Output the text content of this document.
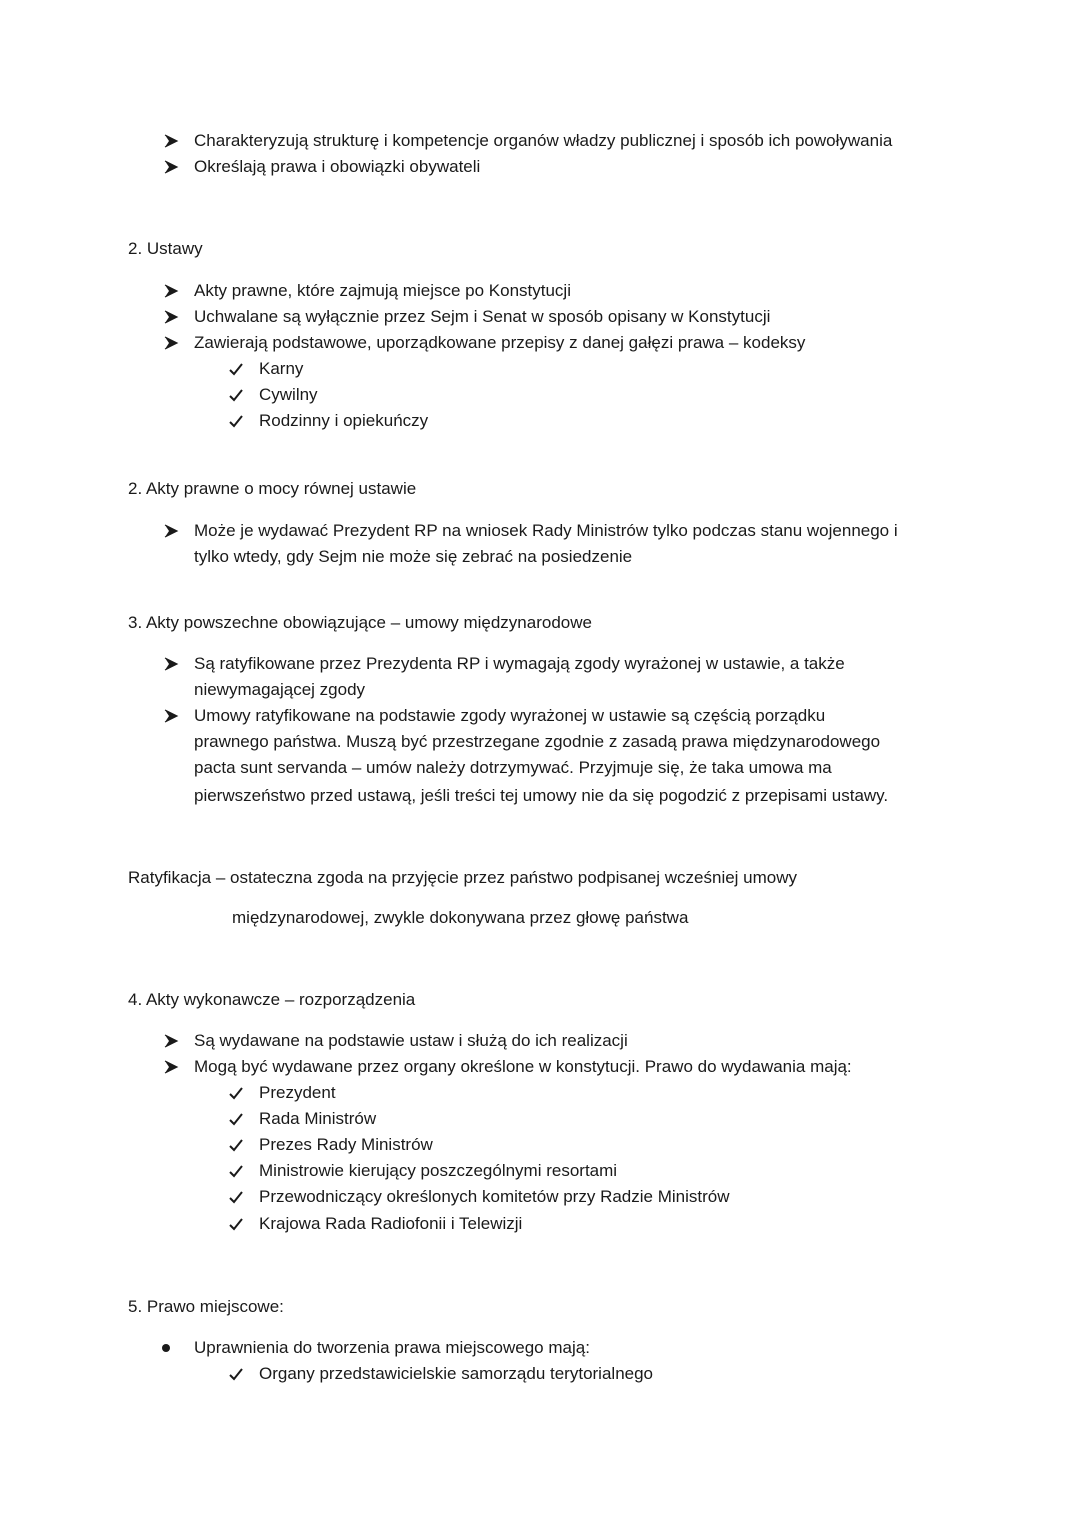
Charakteryzują strukturę i kompetencje organów władzy publicznej i sposób ich powoływania
Określają prawa i obowiązki obywateli
2. Ustawy
Akty prawne, które zajmują miejsce po Konstytucji
Uchwalane są wyłącznie przez Sejm i Senat w sposób opisany w Konstytucji
Zawierają podstawowe, uporządkowane przepisy z danej gałęzi prawa – kodeksy
Karny
Cywilny
Rodzinny i opiekuńczy
2. Akty prawne o mocy równej ustawie
Może je wydawać Prezydent RP na wniosek Rady Ministrów tylko podczas stanu wojennego i
tylko wtedy, gdy Sejm nie może się zebrać na posiedzenie
3. Akty powszechne obowiązujące – umowy międzynarodowe
Są ratyfikowane przez Prezydenta RP i wymagają zgody wyrażonej w ustawie, a także
niewymagającej zgody
Umowy ratyfikowane na podstawie zgody wyrażonej w ustawie są częścią porządku
prawnego państwa. Muszą być przestrzegane zgodnie z zasadą prawa międzynarodowego
pacta sunt servanda – umów należy dotrzymywać. Przyjmuje się, że taka umowa ma
pierwszeństwo przed ustawą, jeśli treści tej umowy nie da się pogodzić z przepisami ustawy.
Ratyfikacja – ostateczna zgoda na przyjęcie przez państwo podpisanej wcześniej umowy
międzynarodowej, zwykle dokonywana przez głowę państwa
4. Akty wykonawcze – rozporządzenia
Są wydawane na podstawie ustaw i służą do ich realizacji
Mogą być wydawane przez organy określone w konstytucji. Prawo do wydawania mają:
Prezydent
Rada Ministrów
Prezes Rady Ministrów
Ministrowie kierujący poszczególnymi resortami
Przewodniczący określonych komitetów przy Radzie Ministrów
Krajowa Rada Radiofonii i Telewizji
5. Prawo miejscowe:
Uprawnienia do tworzenia prawa miejscowego mają:
Organy przedstawicielskie samorządu terytorialnego
